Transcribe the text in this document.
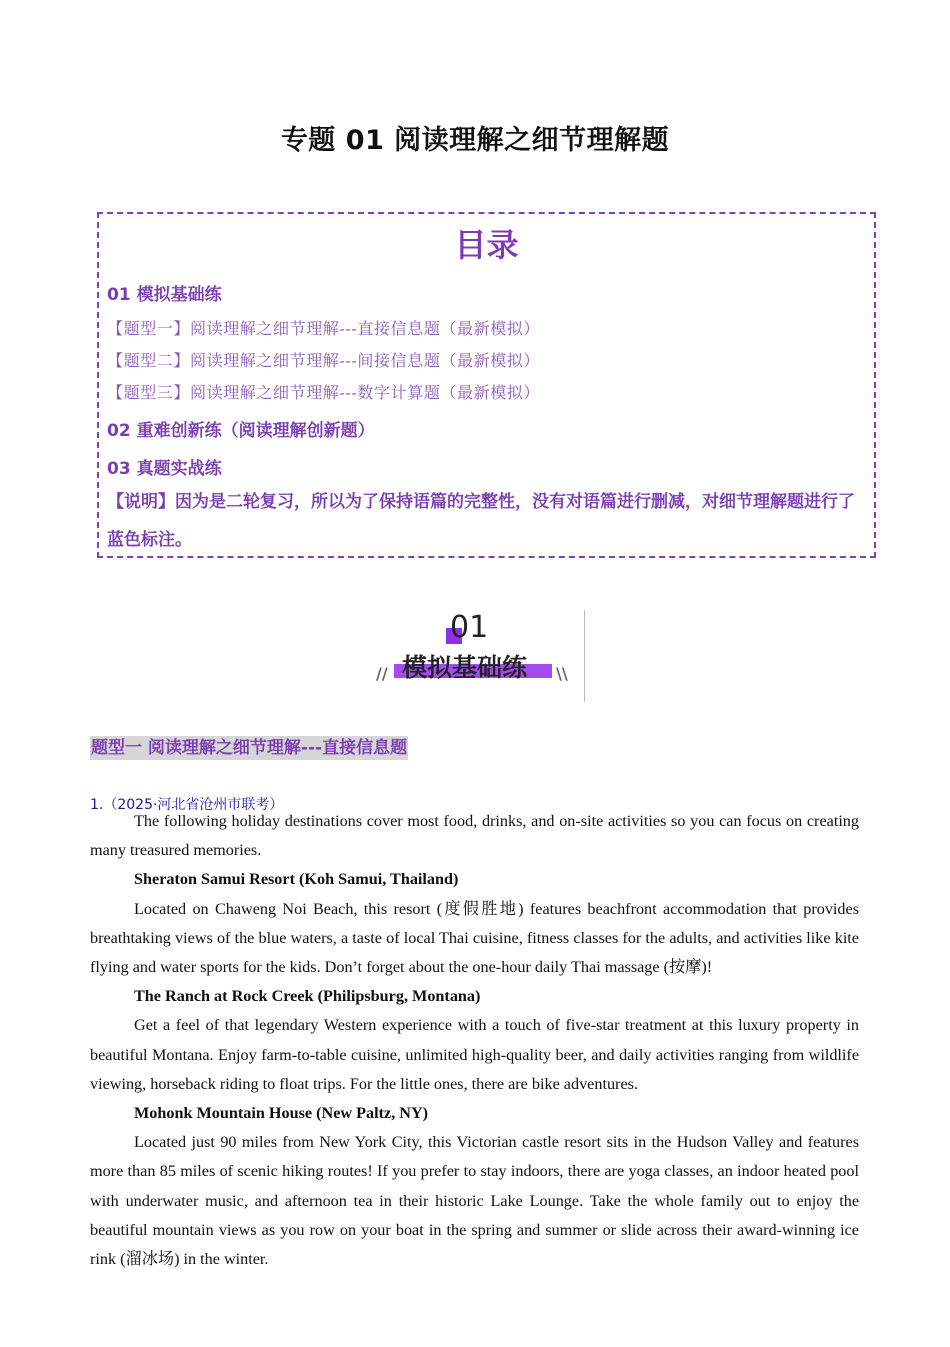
专题 01 阅读理解之细节理解题
目录
01 模拟基础练
【题型一】阅读理解之细节理解---直接信息题（最新模拟）
【题型二】阅读理解之细节理解---间接信息题（最新模拟）
【题型三】阅读理解之细节理解---数字计算题（最新模拟）
02 重难创新练（阅读理解创新题）
03 真题实战练
【说明】因为是二轮复习，所以为了保持语篇的完整性，没有对语篇进行删减，对细节理解题进行了蓝色标注。
01
模拟基础练
//	\\
题型一 阅读理解之细节理解---直接信息题
1.（2025·河北省沧州市联考）

The following holiday destinations cover most food, drinks, and on-site activities so you can focus on creating many treasured memories.

Sheraton Samui Resort (Koh Samui, Thailand)

Located on Chaweng Noi Beach, this resort (度假胜地) features beachfront accommodation that provides breathtaking views of the blue waters, a taste of local Thai cuisine, fitness classes for the adults, and activities like kite flying and water sports for the kids. Don’t forget about the one-hour daily Thai massage (按摩)!

The Ranch at Rock Creek (Philipsburg, Montana)

Get a feel of that legendary Western experience with a touch of five-star treatment at this luxury property in beautiful Montana. Enjoy farm-to-table cuisine, unlimited high-quality beer, and daily activities ranging from wildlife viewing, horseback riding to float trips. For the little ones, there are bike adventures.

Mohonk Mountain House (New Paltz, NY)

Located just 90 miles from New York City, this Victorian castle resort sits in the Hudson Valley and features more than 85 miles of scenic hiking routes! If you prefer to stay indoors, there are yoga classes, an indoor heated pool with underwater music, and afternoon tea in their historic Lake Lounge. Take the whole family out to enjoy the beautiful mountain views as you row on your boat in the spring and summer or slide across their award-winning ice rink (溜冰场) in the winter.
